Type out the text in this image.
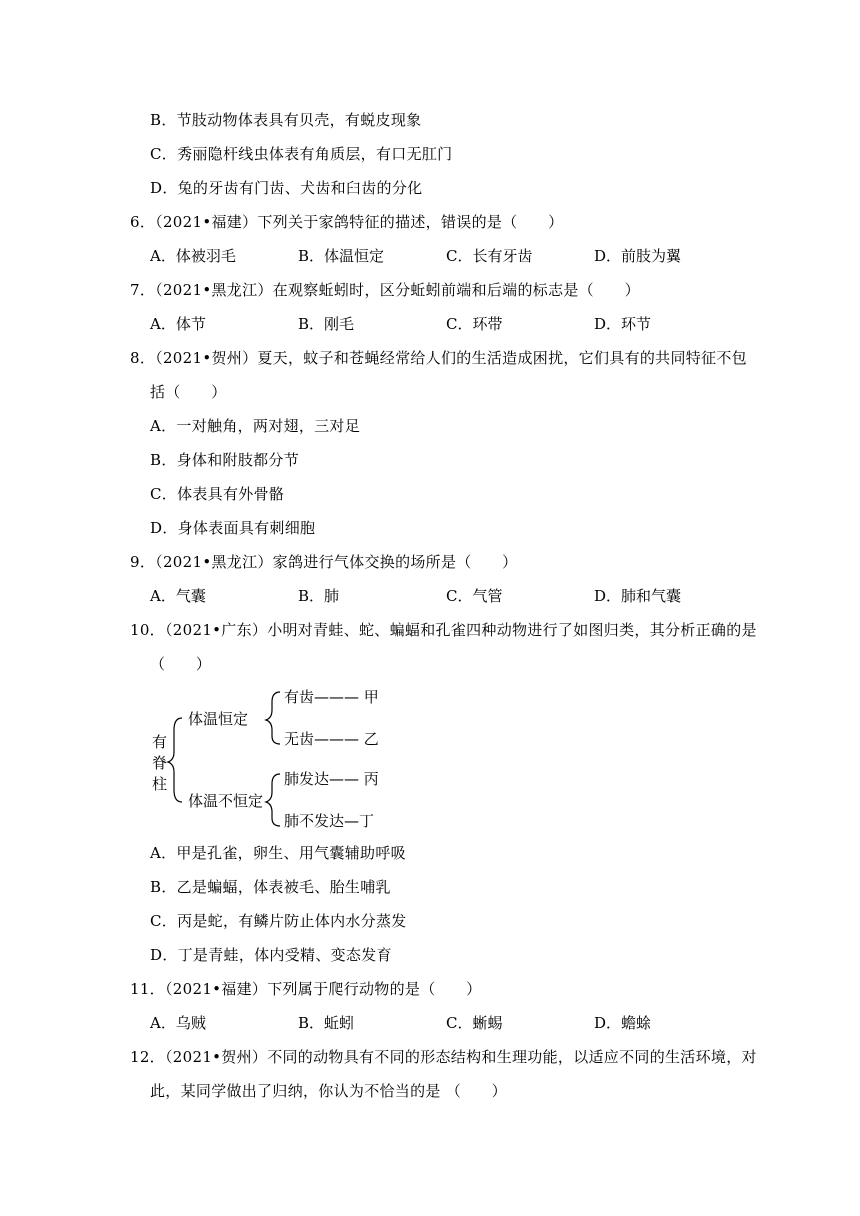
B．节肢动物体表具有贝壳，有蜕皮现象
C．秀丽隐杆线虫体表有角质层，有口无肛门
D．兔的牙齿有门齿、犬齿和臼齿的分化
6．（2021•福建）下列关于家鸽特征的描述，错误的是（　　）
A．体被羽毛	B．体温恒定	C．长有牙齿	D．前肢为翼
7．（2021•黑龙江）在观察蚯蚓时，区分蚯蚓前端和后端的标志是（　　）
A．体节	B．刚毛	C．环带	D．环节
8．（2021•贺州）夏天，蚊子和苍蝇经常给人们的生活造成困扰，它们具有的共同特征不包
括（　　）
A．一对触角，两对翅，三对足
B．身体和附肢都分节
C．体表具有外骨骼
D．身体表面具有刺细胞
9．（2021•黑龙江）家鸽进行气体交换的场所是（　　）
A．气囊	B．肺	C．气管	D．肺和气囊
10．（2021•广东）小明对青蛙、蛇、蝙蝠和孔雀四种动物进行了如图归类，其分析正确的是
（　　）
有
脊
柱
体温恒定
体温不恒定
有齿——— 甲
无齿——— 乙
肺发达—— 丙
肺不发达—丁
A．甲是孔雀，卵生、用气囊辅助呼吸
B．乙是蝙蝠，体表被毛、胎生哺乳
C．丙是蛇，有鳞片防止体内水分蒸发
D．丁是青蛙，体内受精、变态发育
11．（2021•福建）下列属于爬行动物的是（　　）
A．乌贼	B．蚯蚓	C．蜥蜴	D．蟾蜍
12．（2021•贺州）不同的动物具有不同的形态结构和生理功能，以适应不同的生活环境，对
此，某同学做出了归纳，你认为不恰当的是 （　　）
